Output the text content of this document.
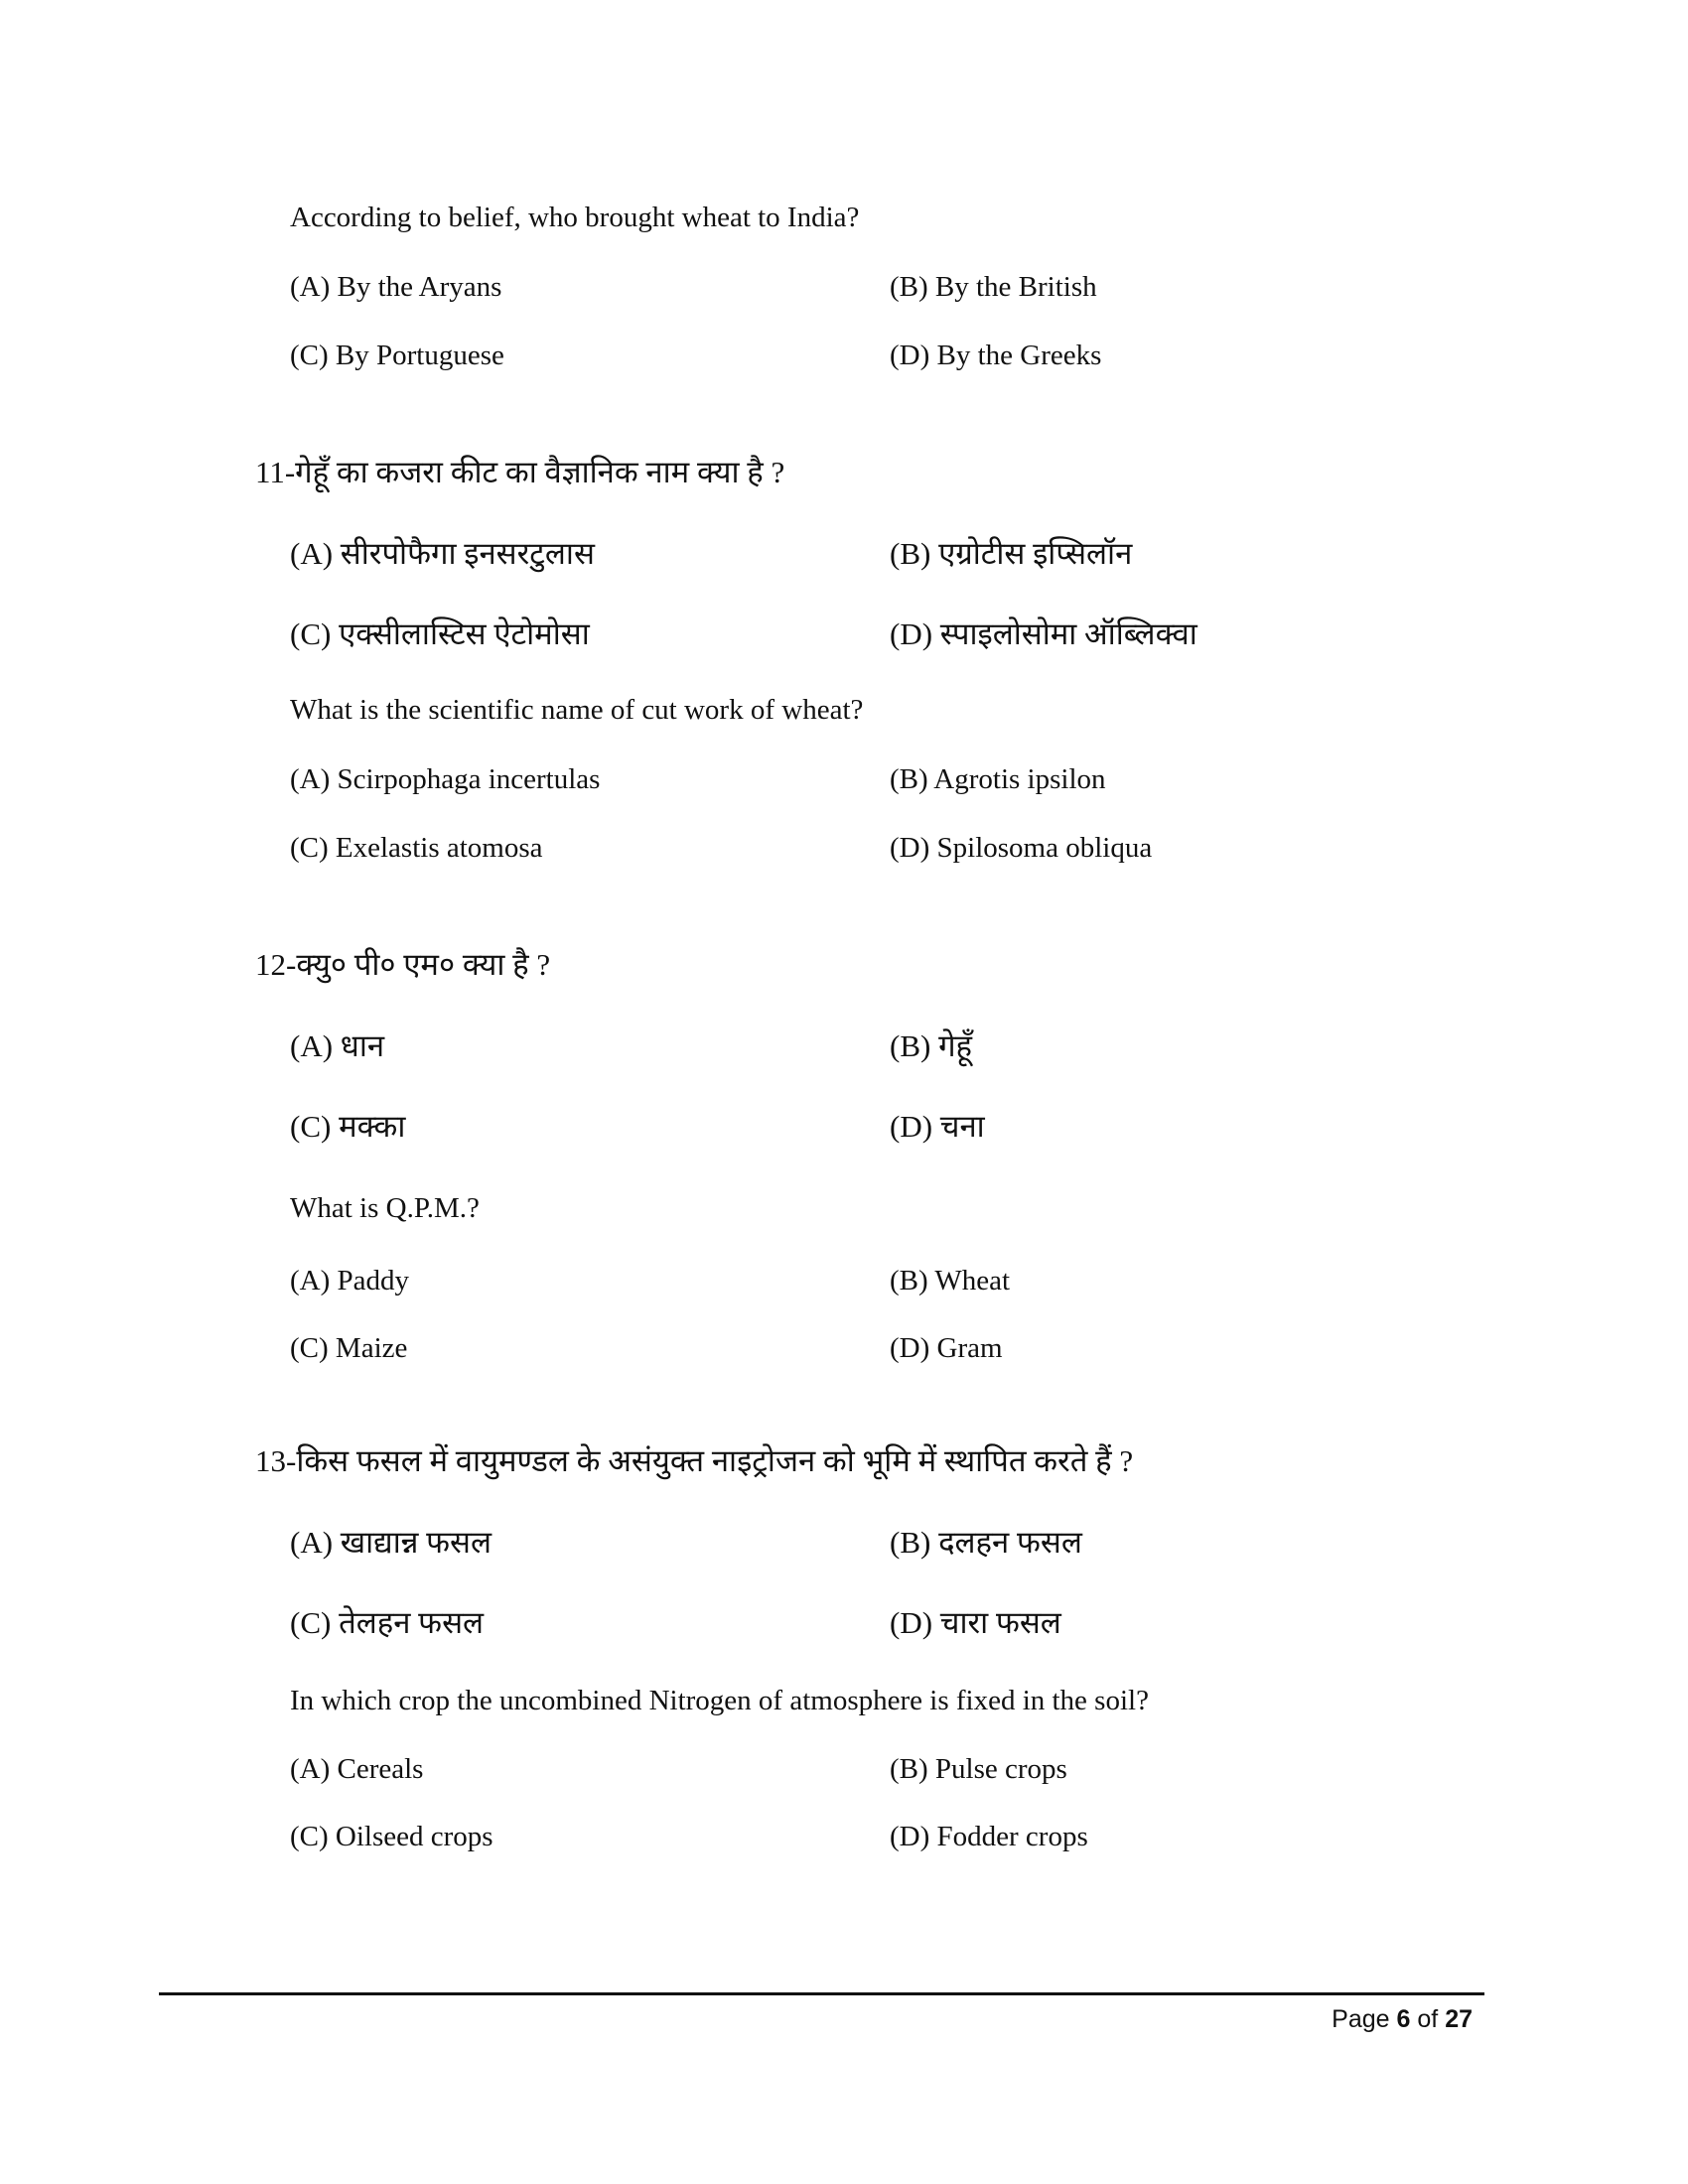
According to belief, who brought wheat to India?
(A) By the Aryans	(B) By the British
(C) By Portuguese	(D) By the Greeks
11-गेहूँ का कजरा कीट का वैज्ञानिक नाम क्या है ?
(A) सीरपोफैगा इनसरटुलास	(B) एग्रोटीस इप्सिलॉन
(C) एक्सीलास्टिस ऐटोमोसा	(D) स्पाइलोसोमा ऑब्लिक्वा
What is the scientific name of cut work of wheat?
(A) Scirpophaga incertulas	(B) Agrotis ipsilon
(C) Exelastis atomosa	(D) Spilosoma obliqua
12-क्यु० पी० एम० क्या है ?
(A) धान	(B) गेहूँ
(C) मक्का	(D) चना
What is Q.P.M.?
(A) Paddy	(B) Wheat
(C) Maize	(D) Gram
13-किस फसल में वायुमण्डल के असंयुक्त नाइट्रोजन को भूमि में स्थापित करते हैं ?
(A) खाद्यान्न फसल	(B) दलहन फसल
(C) तेलहन फसल	(D) चारा फसल
In which crop the uncombined Nitrogen of atmosphere is fixed in the soil?
(A) Cereals	(B) Pulse crops
(C) Oilseed crops	(D) Fodder crops
Page 6 of 27
